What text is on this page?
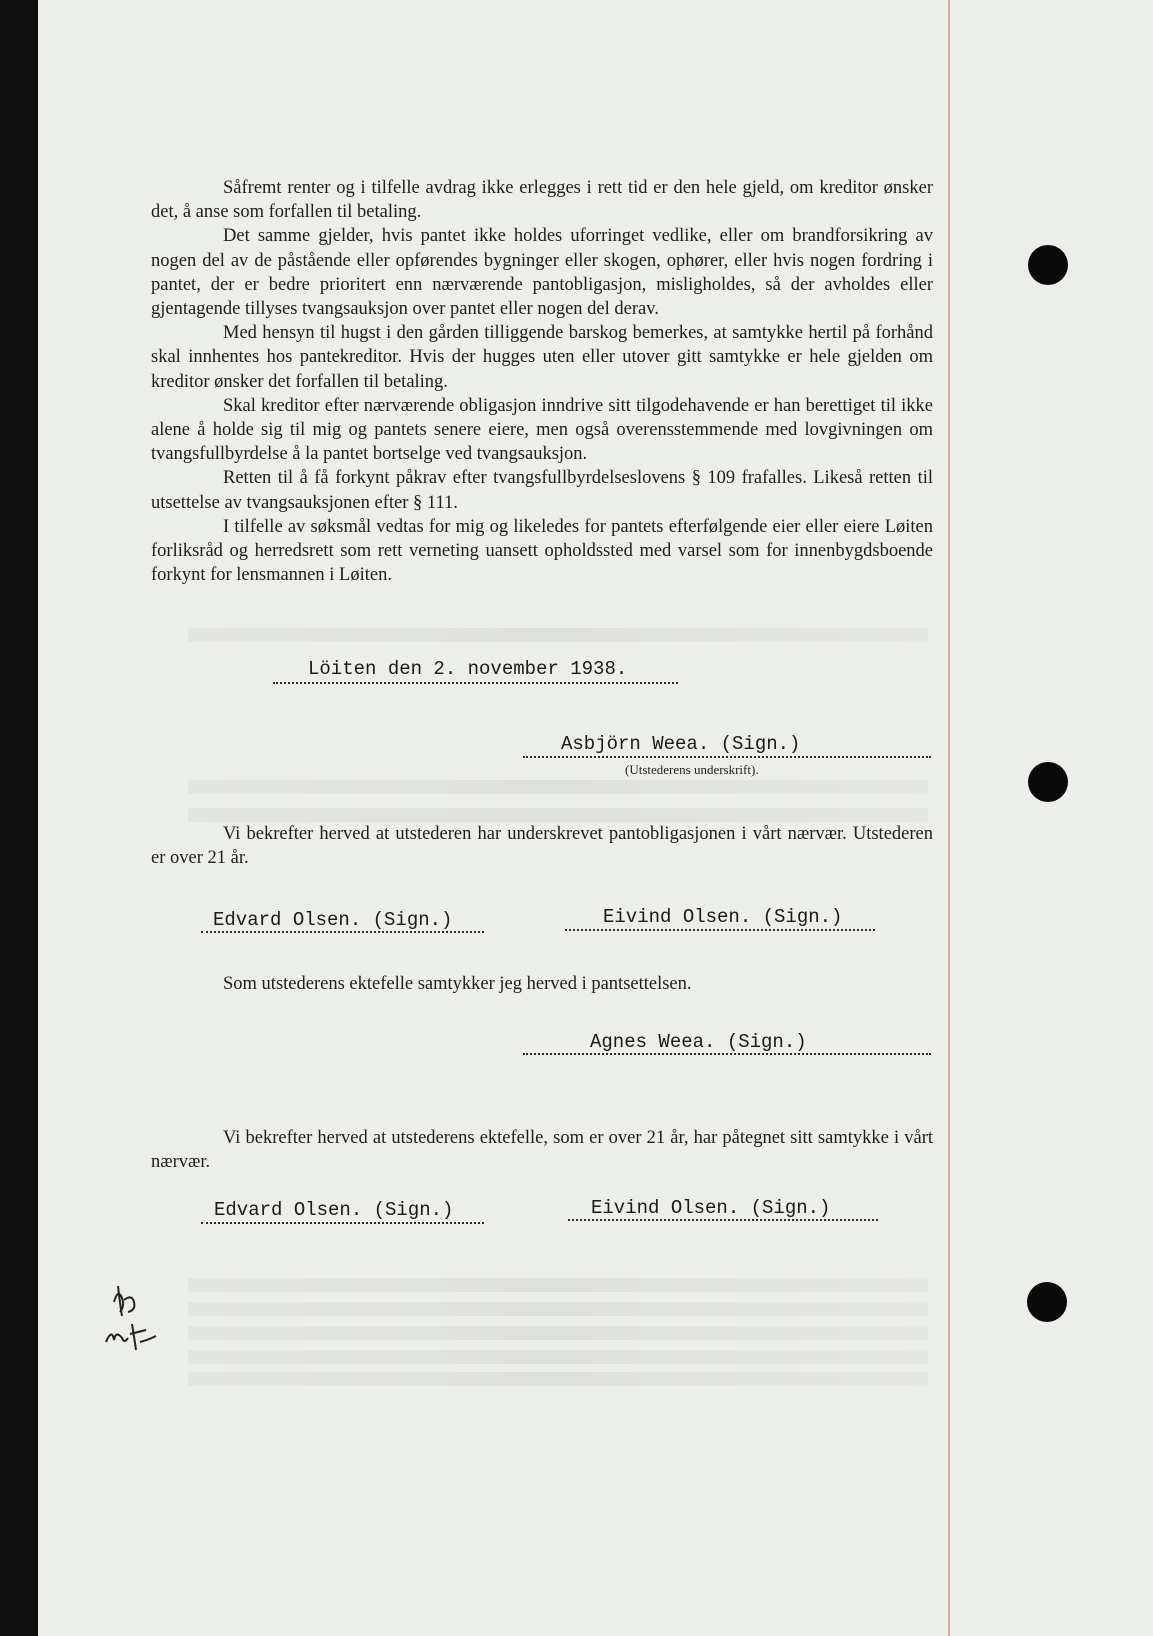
Såfremt renter og i tilfelle avdrag ikke erlegges i rett tid er den hele gjeld, om kreditor ønsker det, å anse som forfallen til betaling.

Det samme gjelder, hvis pantet ikke holdes uforringet vedlike, eller om brandforsikring av nogen del av de påstående eller opførendes bygninger eller skogen, ophører, eller hvis nogen fordring i pantet, der er bedre prioritert enn nærværende pantobligasjon, misligholdes, så der avholdes eller gjentagende tillyses tvangsauksjon over pantet eller nogen del derav.

Med hensyn til hugst i den gården tilliggende barskog bemerkes, at samtykke hertil på forhånd skal innhentes hos pantekreditor. Hvis der hugges uten eller utover gitt samtykke er hele gjelden om kreditor ønsker det forfallen til betaling.

Skal kreditor efter nærværende obligasjon inndrive sitt tilgodehavende er han berettiget til ikke alene å holde sig til mig og pantets senere eiere, men også overensstemmende med lovgivningen om tvangsfullbyrdelse å la pantet bortselge ved tvangsauksjon.

Retten til å få forkynt påkrav efter tvangsfullbyrdelseslovens § 109 frafalles. Likeså retten til utsettelse av tvangsauksjonen efter § 111.

I tilfelle av søksmål vedtas for mig og likeledes for pantets efterfølgende eier eller eiere Løiten forliksråd og herredsrett som rett verneting uansett opholdssted med varsel som for innenbygdsboende forkynt for lensmannen i Løiten.

Löiten den 2. november 1938.
Asbjörn Weea. (Sign.)
(Utstederens underskrift).

Vi bekrefter herved at utstederen har underskrevet pantobligasjonen i vårt nærvær. Utstederen er over 21 år.

Edvard Olsen. (Sign.)	Eivind Olsen. (Sign.)
Som utstederens ektefelle samtykker jeg herved i pantsettelsen.
Agnes Weea. (Sign.)

Vi bekrefter herved at utstederens ektefelle, som er over 21 år, har påtegnet sitt samtykke i vårt nærvær.

Edvard Olsen. (Sign.)	Eivind Olsen. (Sign.)
